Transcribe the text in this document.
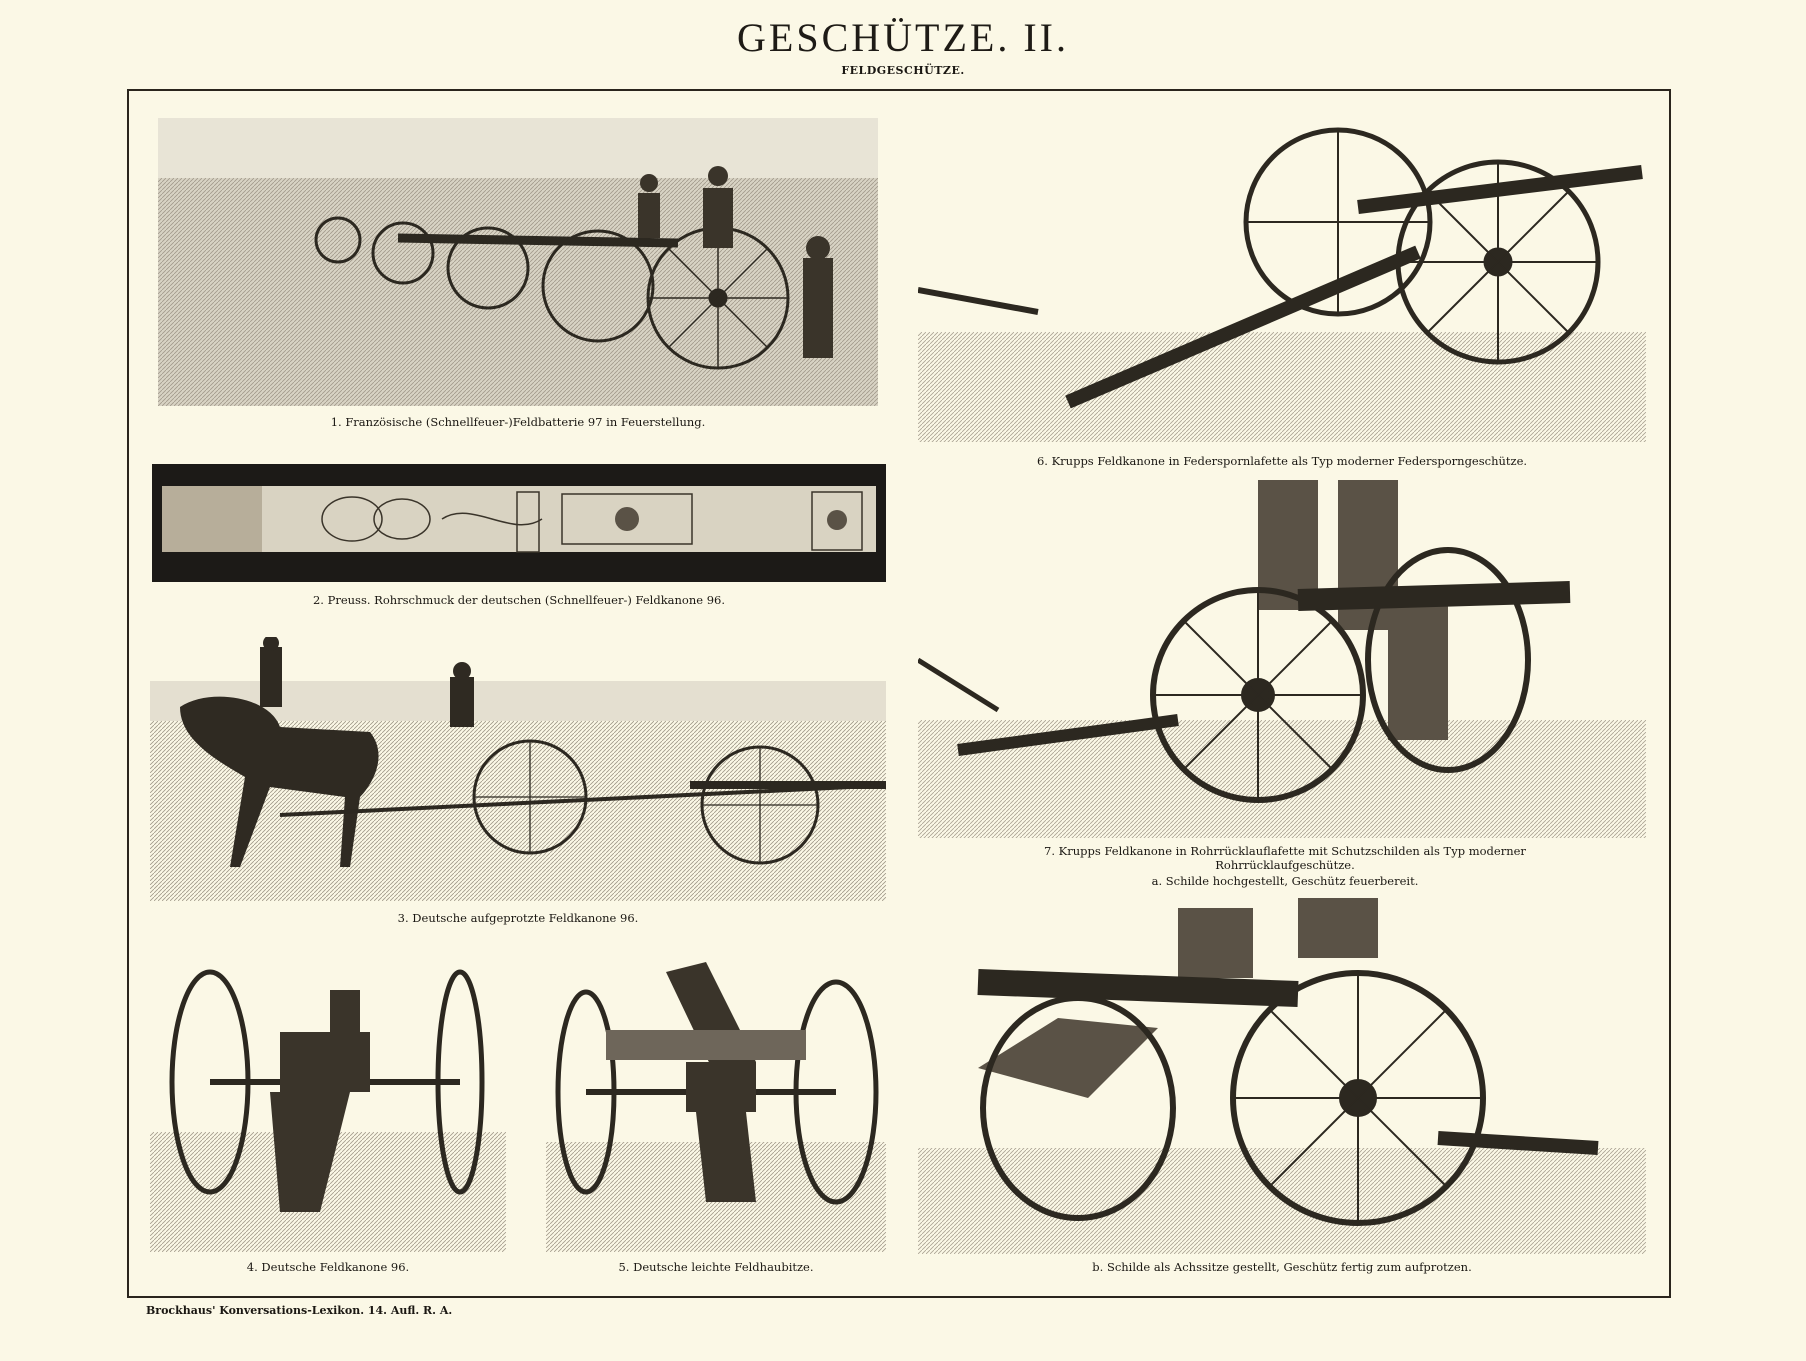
GESCHÜTZE. II.
FELDGESCHÜTZE.
1. Französische (Schnellfeuer-)Feldbatterie 97 in Feuerstellung.
2. Preuss. Rohrschmuck der deutschen (Schnellfeuer-) Feldkanone 96.
3. Deutsche aufgeprotzte Feldkanone 96.
4. Deutsche Feldkanone 96.	5. Deutsche leichte Feldhaubitze.
6. Krupps Feldkanone in Federspornlafette als Typ moderner Federsporngeschütze.
7. Krupps Feldkanone in Rohrrücklauflafette mit Schutzschilden als Typ moderner Rohrrücklaufgeschütze.
a. Schilde hochgestellt, Geschütz feuerbereit.
b. Schilde als Achssitze gestellt, Geschütz fertig zum aufprotzen.
Brockhaus' Konversations-Lexikon. 14. Aufl. R. A.
